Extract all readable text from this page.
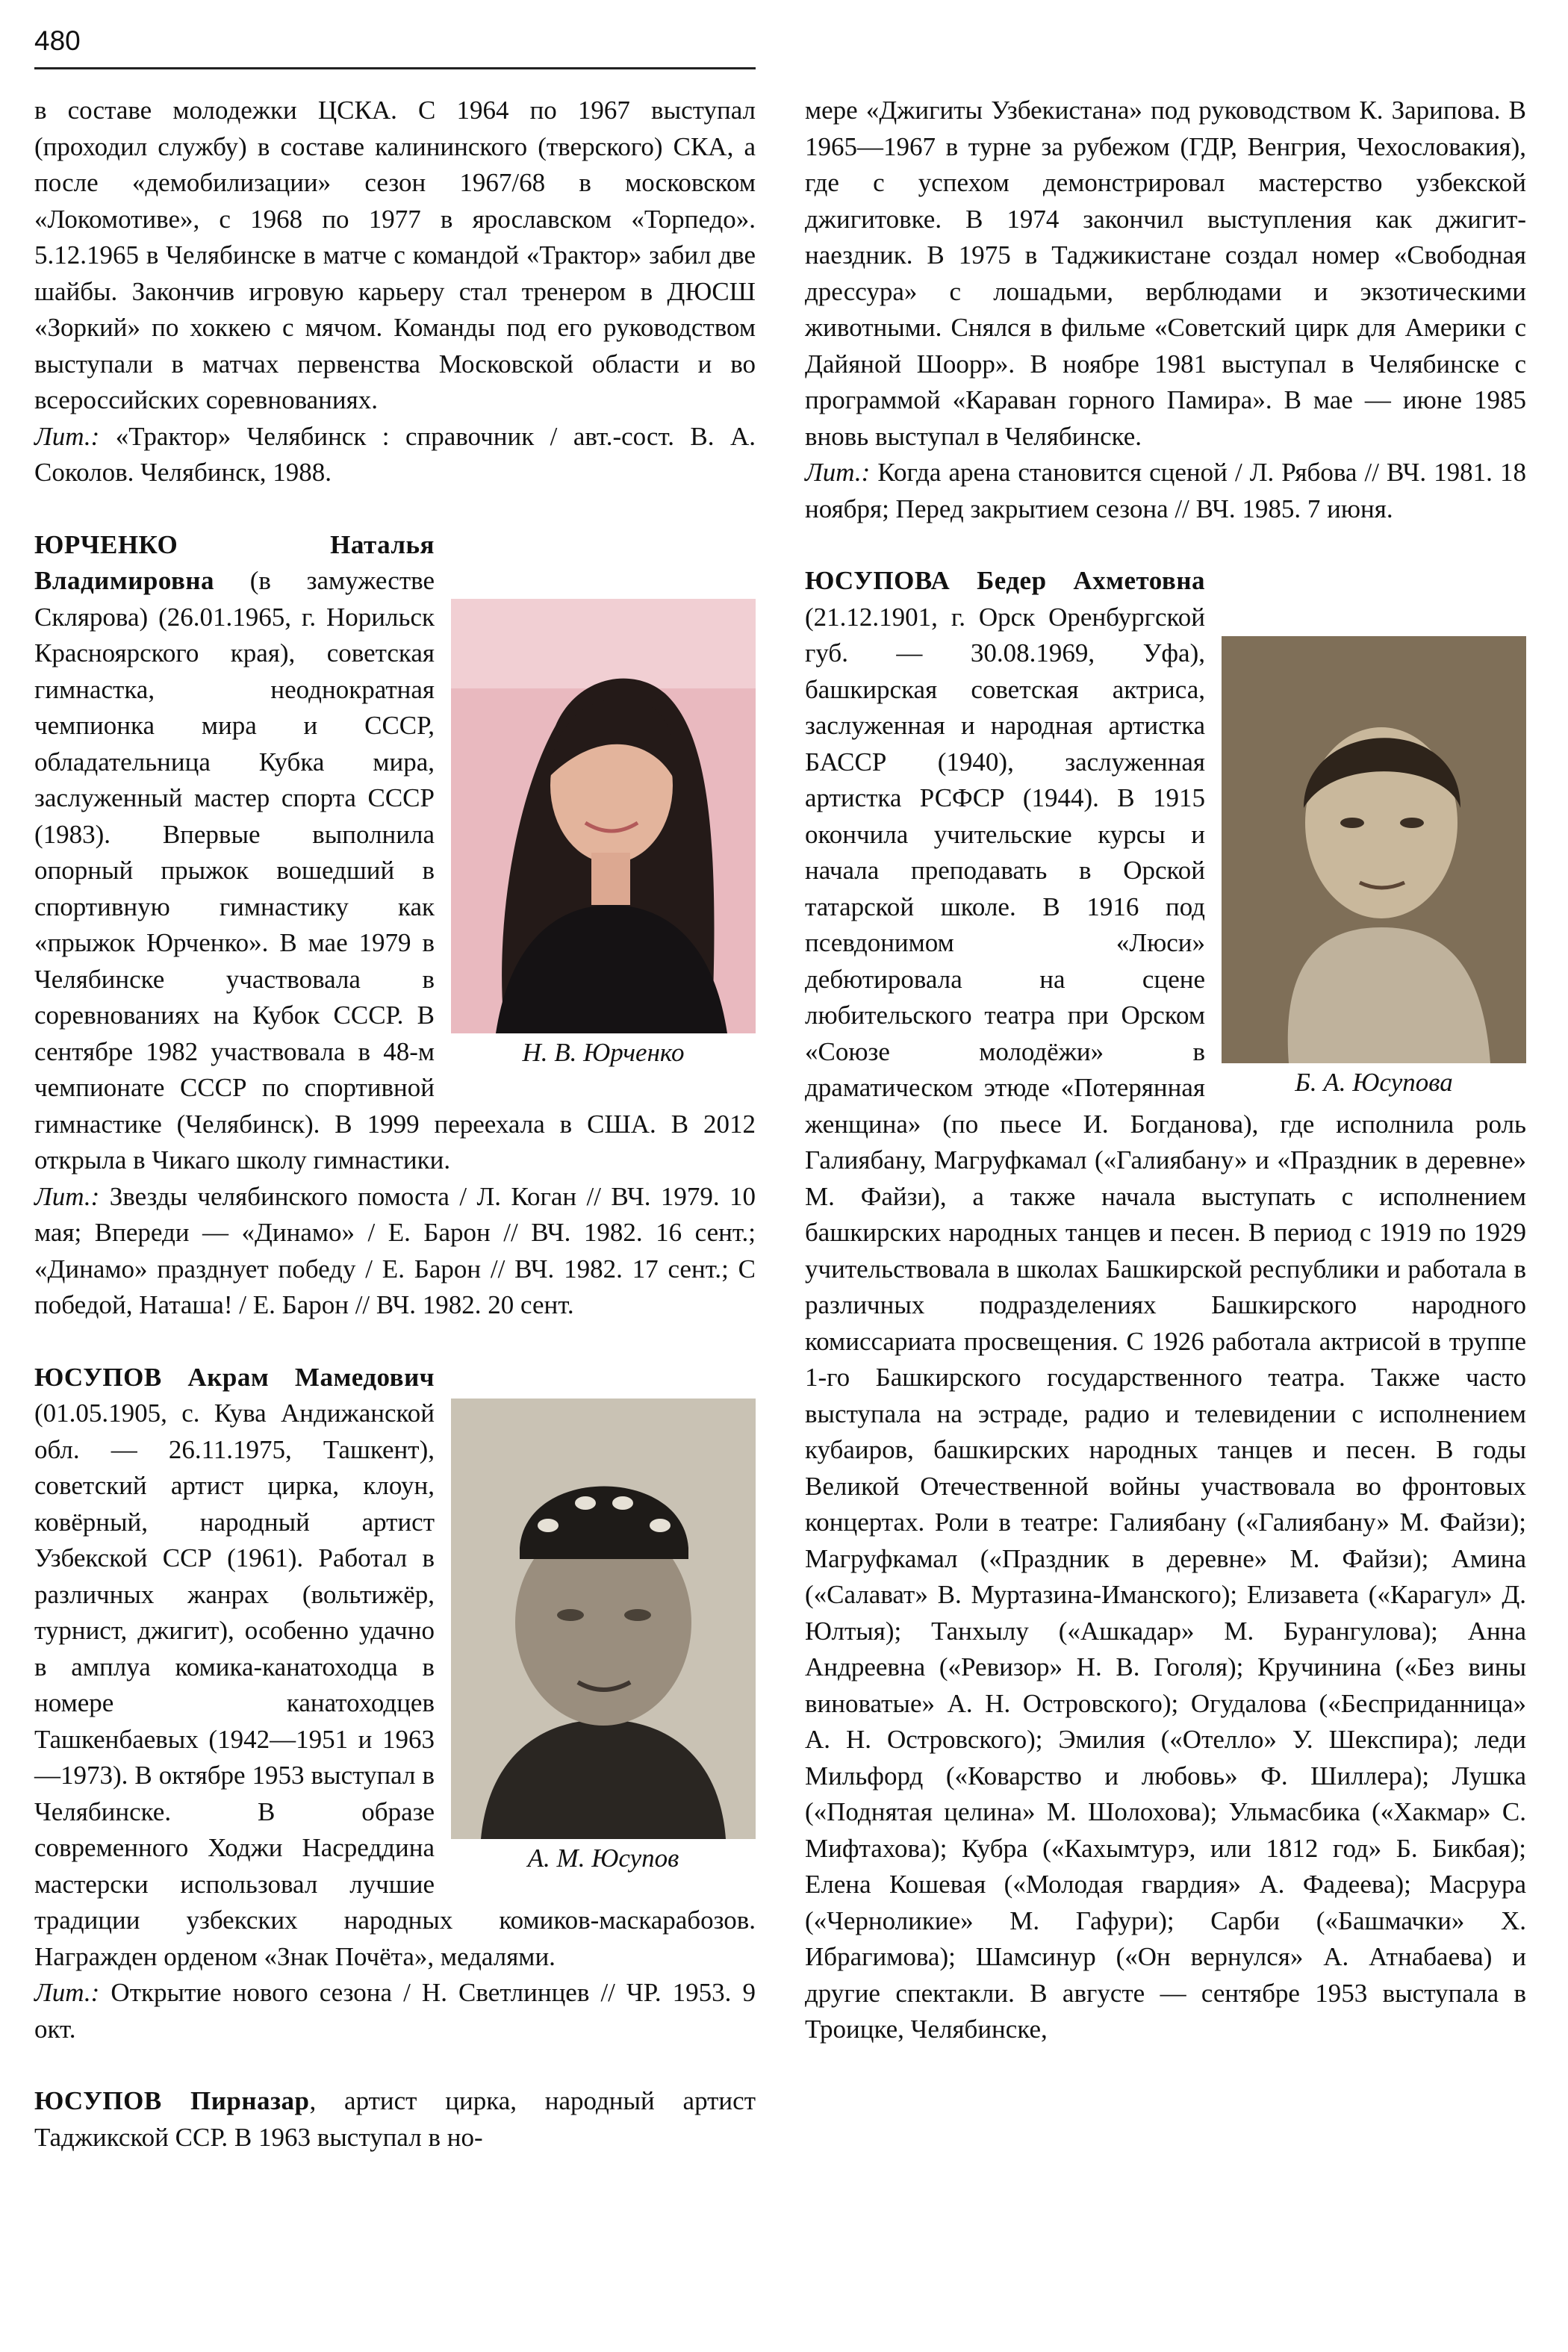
480

в составе молодежки ЦСКА. С 1964 по 1967 выступал (проходил службу) в составе калининского (тверского) СКА, а после «демобилизации» сезон 1967/68 в московском «Локомотиве», с 1968 по 1977 в ярославском «Торпедо». 5.12.1965 в Челябинске в матче с командой «Трактор» забил две шайбы. Закончив игровую карьеру стал тренером в ДЮСШ «Зоркий» по хоккею с мячом. Команды под его руководством выступали в матчах первенства Московской области и во всероссийских соревнованиях.

Лит.: «Трактор» Челябинск : справочник / авт.-сост. В. А. Соколов. Челябинск, 1988.

Н. В. Юрченко

ЮРЧЕНКО Наталья Владимировна (в замужестве Склярова) (26.01.1965, г. Норильск Красноярского края), советская гимнастка, неоднократная чемпионка мира и СССР, обладательница Кубка мира, заслуженный мастер спорта СССР (1983). Впервые выполнила опорный прыжок вошедший в спортивную гимнастику как «прыжок Юрченко». В мае 1979 в Челябинске участвовала в соревнованиях на Кубок СССР. В сентябре 1982 участвовала в 48-м чемпионате СССР по спортивной гимнастике (Челябинск). В 1999 переехала в США. В 2012 открыла в Чикаго школу гимнастики.

Лит.: Звезды челябинского помоста / Л. Коган // ВЧ. 1979. 10 мая; Впереди — «Динамо» / Е. Барон // ВЧ. 1982. 16 сент.; «Динамо» празднует победу / Е. Барон // ВЧ. 1982. 17 сент.; С победой, Наташа! / Е. Барон // ВЧ. 1982. 20 сент.

А. М. Юсупов

ЮСУПОВ Акрам Мамедович (01.05.1905, с. Кува Андижанской обл. — 26.11.1975, Ташкент), советский артист цирка, клоун, ковёрный, народный артист Узбекской ССР (1961). Работал в различных жанрах (вольтижёр, турнист, джигит), особенно удачно в амплуа комика-канатоходца в номере канатоходцев Ташкенбаевых (1942—1951 и 1963—1973). В октябре 1953 выступал в Челябинске. В образе современного Ходжи Насреддина мастерски использовал лучшие традиции узбекских народных комиков-маскарабозов. Награжден орденом «Знак Почёта», медалями.

Лит.: Открытие нового сезона / Н. Светлинцев // ЧР. 1953. 9 окт.

ЮСУПОВ Пирназар, артист цирка, народный артист Таджикской ССР. В 1963 выступал в но-

мере «Джигиты Узбекистана» под руководством К. Зарипова. В 1965—1967 в турне за рубежом (ГДР, Венгрия, Чехословакия), где с успехом демонстрировал мастерство узбекской джигитовке. В 1974 закончил выступления как джигит-наездник. В 1975 в Таджикистане создал номер «Свободная дрессура» с лошадьми, верблюдами и экзотическими животными. Снялся в фильме «Советский цирк для Америки с Дайяной Шоорр». В ноябре 1981 выступал в Челябинске с программой «Караван горного Памира». В мае — июне 1985 вновь выступал в Челябинске.

Лит.: Когда арена становится сценой / Л. Рябова // ВЧ. 1981. 18 ноября; Перед закрытием сезона // ВЧ. 1985. 7 июня.

Б. А. Юсупова

ЮСУПОВА Бедер Ахметовна (21.12.1901, г. Орск Оренбургской губ. — 30.08.1969, Уфа), башкирская советская актриса, заслуженная и народная артистка БАССР (1940), заслуженная артистка РСФСР (1944). В 1915 окончила учительские курсы и начала преподавать в Орской татарской школе. В 1916 под псевдонимом «Люси» дебютировала на сцене любительского театра при Орском «Союзе молодёжи» в драматическом этюде «Потерянная женщина» (по пьесе И. Богданова), где исполнила роль Галиябану, Магруфкамал («Галиябану» и «Праздник в деревне» М. Файзи), а также начала выступать с исполнением башкирских народных танцев и песен. В период с 1919 по 1929 учительствовала в школах Башкирской республики и работала в различных подразделениях Башкирского народного комиссариата просвещения. С 1926 работала актрисой в труппе 1-го Башкирского государственного театра. Также часто выступала на эстраде, радио и телевидении с исполнением кубаиров, башкирских народных танцев и песен. В годы Великой Отечественной войны участвовала во фронтовых концертах. Роли в театре: Галиябану («Галиябану» М. Файзи); Магруфкамал («Праздник в деревне» М. Файзи); Амина («Салават» В. Муртазина-Иманского); Елизавета («Карагул» Д. Юлтыя); Танхылу («Ашкадар» М. Бурангулова); Анна Андреевна («Ревизор» Н. В. Гоголя); Кручинина («Без вины виноватые» А. Н. Островского); Огудалова («Бесприданница» А. Н. Островского); Эмилия («Отелло» У. Шекспира); леди Мильфорд («Коварство и любовь» Ф. Шиллера); Лушка («Поднятая целина» М. Шолохова); Ульмасбика («Хакмар» С. Мифтахова); Кубра («Кахымтурэ, или 1812 год» Б. Бикбая); Елена Кошевая («Молодая гвардия» А. Фадеева); Масрура («Черноликие» М. Гафури); Сарби («Башмачки» Х. Ибрагимова); Шамсинур («Он вернулся» А. Атнабаева) и другие спектакли. В августе — сентябре 1953 выступала в Троицке, Челябинске,
